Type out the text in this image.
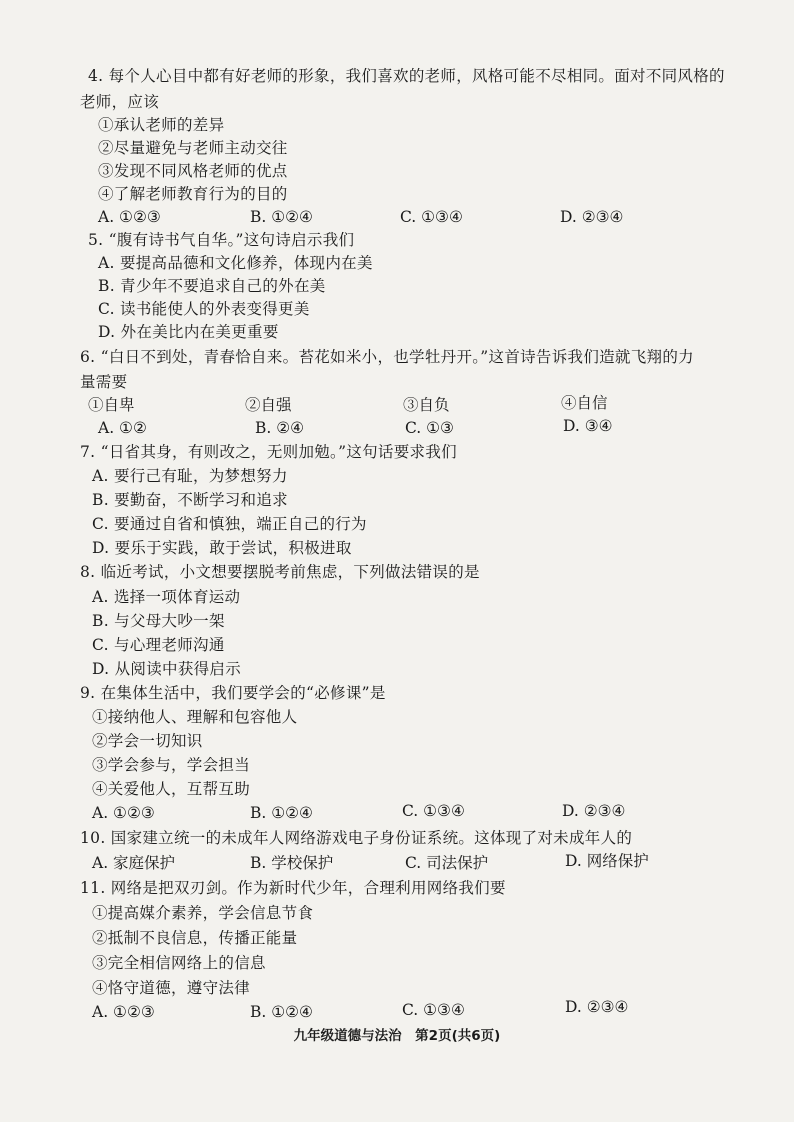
4. 每个人心目中都有好老师的形象，我们喜欢的老师，风格可能不尽相同。面对不同风格的
老师，应该
①承认老师的差异
②尽量避免与老师主动交往
③发现不同风格老师的优点
④了解老师教育行为的目的
A. ①②③	B. ①②④	C. ①③④	D. ②③④
5. “腹有诗书气自华。”这句诗启示我们
A. 要提高品德和文化修养，体现内在美
B. 青少年不要追求自己的外在美
C. 读书能使人的外表变得更美
D. 外在美比内在美更重要
6. “白日不到处，青春恰自来。苔花如米小，也学牡丹开。”这首诗告诉我们造就飞翔的力
量需要
①自卑	②自强	③自负	④自信
A. ①②	B. ②④	C. ①③	D. ③④
7. “日省其身，有则改之，无则加勉。”这句话要求我们
A. 要行己有耻，为梦想努力
B. 要勤奋，不断学习和追求
C. 要通过自省和慎独，端正自己的行为
D. 要乐于实践，敢于尝试，积极进取
8. 临近考试，小文想要摆脱考前焦虑，下列做法错误的是
A. 选择一项体育运动
B. 与父母大吵一架
C. 与心理老师沟通
D. 从阅读中获得启示
9. 在集体生活中，我们要学会的“必修课”是
①接纳他人、理解和包容他人
②学会一切知识
③学会参与，学会担当
④关爱他人，互帮互助
A. ①②③	B. ①②④	C. ①③④	D. ②③④
10. 国家建立统一的未成年人网络游戏电子身份证系统。这体现了对未成年人的
A. 家庭保护	B. 学校保护	C. 司法保护	D. 网络保护
11. 网络是把双刃剑。作为新时代少年，合理利用网络我们要
①提高媒介素养，学会信息节食
②抵制不良信息，传播正能量
③完全相信网络上的信息
④恪守道德，遵守法律
A. ①②③	B. ①②④	C. ①③④	D. ②③④
九年级道德与法治　第2页(共6页)
